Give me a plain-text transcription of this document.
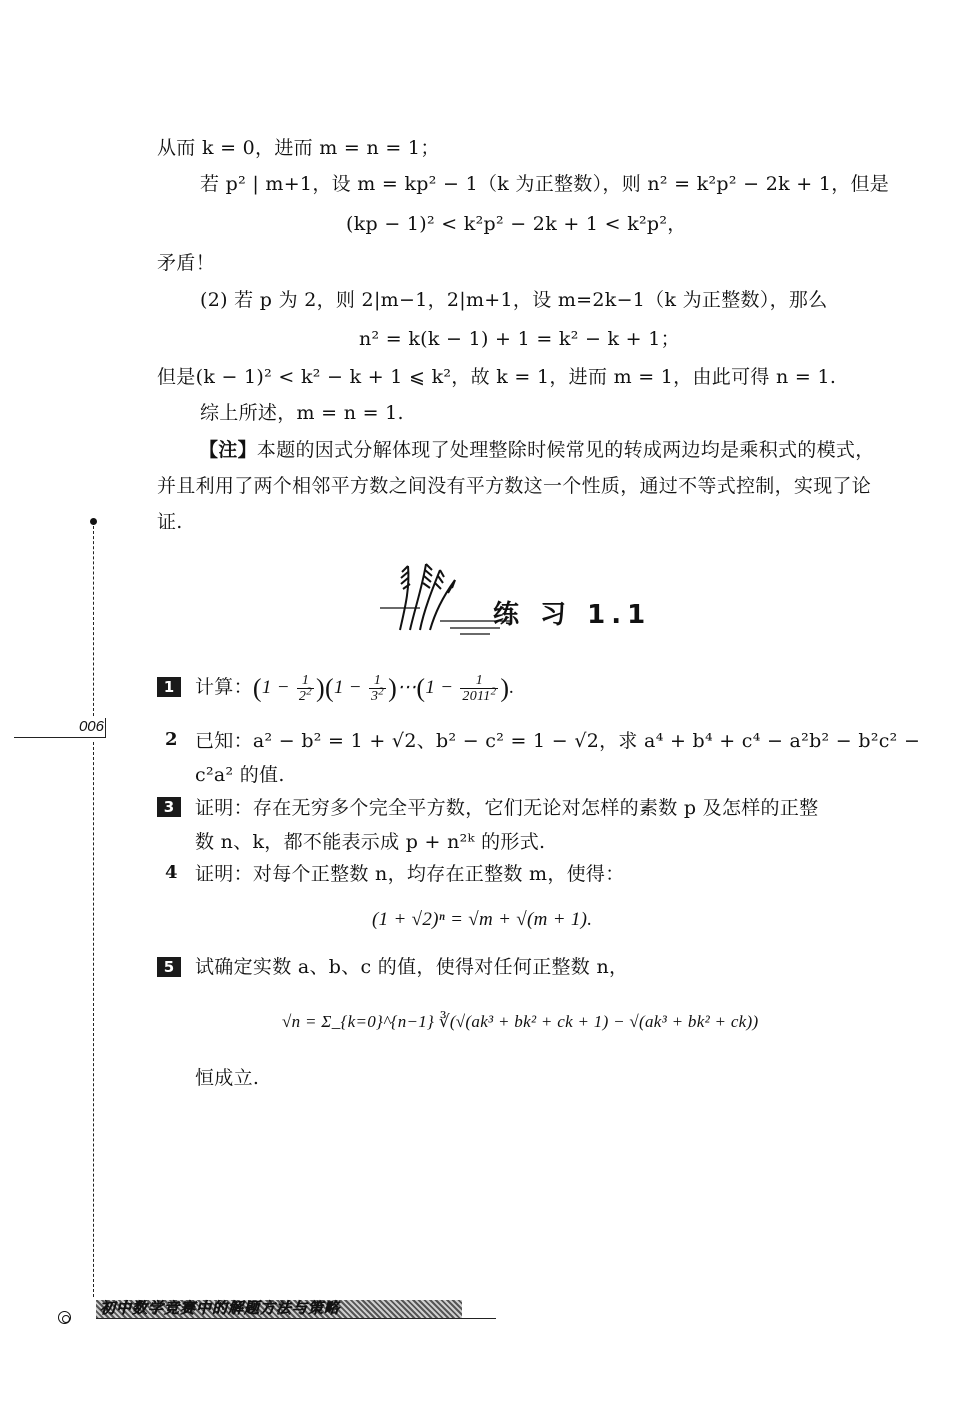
006
从而 k = 0，进而 m = n = 1；
若 p² | m+1，设 m = kp² − 1（k 为正整数），则 n² = k²p² − 2k + 1，但是
(kp − 1)² < k²p² − 2k + 1 < k²p²，
矛盾！
(2) 若 p 为 2，则 2|m−1，2|m+1，设 m=2k−1（k 为正整数），那么
n² = k(k − 1) + 1 = k² − k + 1；
但是(k − 1)² < k² − k + 1 ⩽ k²，故 k = 1，进而 m = 1，由此可得 n = 1.
综上所述，m = n = 1.
【注】本题的因式分解体现了处理整除时候常见的转成两边均是乘积式的模式，并且利用了两个相邻平方数之间没有平方数这一个性质，通过不等式控制，实现了论证.
练 习 1.1
1	计算：$(1 - \frac{1}{2^2} )(1 - \frac{1}{3^2}$ )⋯(1 − $\frac{1}{2011^2}$ ).
2 已知：a² − b² = 1 + √2、b² − c² = 1 − √2，求 a⁴ + b⁴ + c⁴ − a²b² − b²c² −
c²a² 的值.
3	证明：存在无穷多个完全平方数，它们无论对怎样的素数 p 及怎样的正整
数 n、k，都不能表示成 p + n²ᵏ 的形式.
4 证明：对每个正整数 n，均存在正整数 m，使得：
(1 + √2)ⁿ = √m + √(m + 1).
5	试确定实数 a、b、c 的值，使得对任何正整数 n，
√n = Σ_{k=0}^{n−1} ∛(√(ak³ + bk² + ck + 1) − √(ak³ + bk² + ck))
恒成立.
初中数学竞赛中的解题方法与策略
